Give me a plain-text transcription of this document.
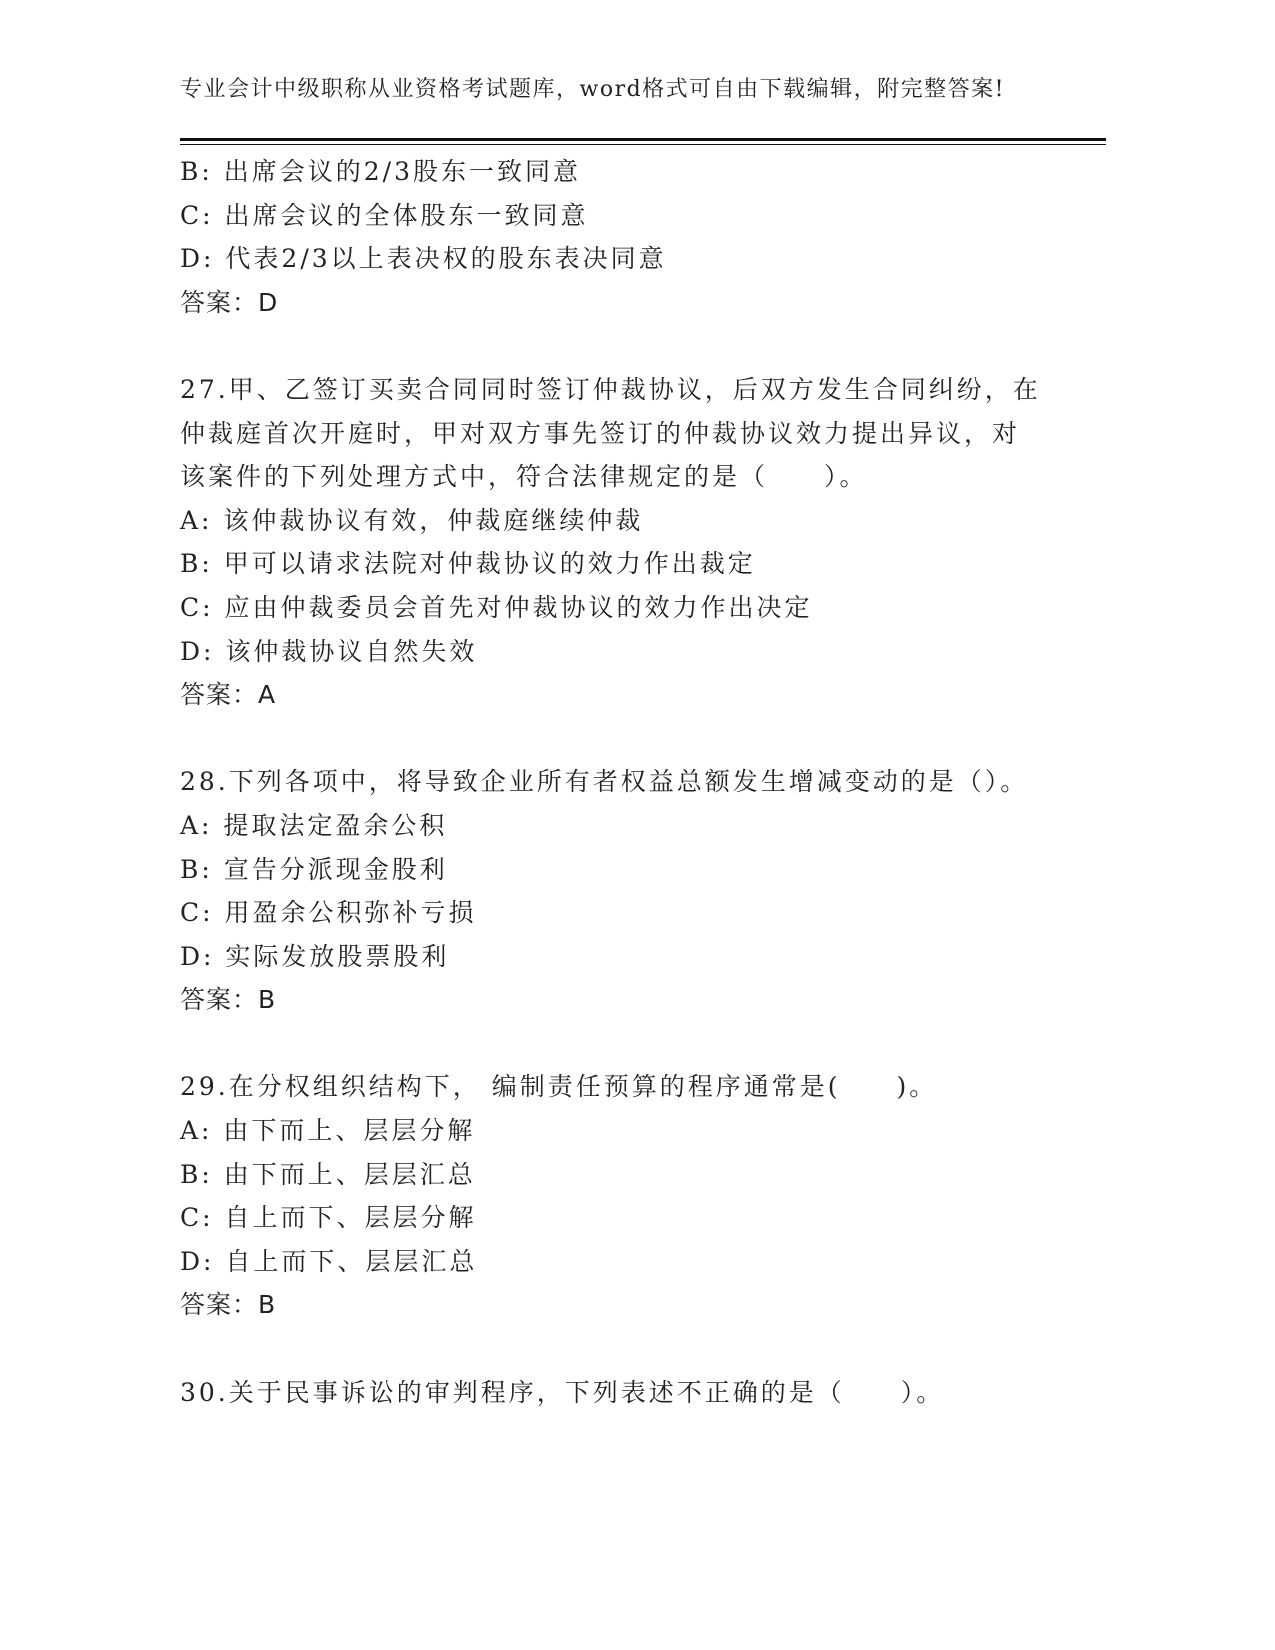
专业会计中级职称从业资格考试题库，word格式可自由下载编辑，附完整答案!
B: 出席会议的2/3股东一致同意
C: 出席会议的全体股东一致同意
D: 代表2/3以上表决权的股东表决同意
答案：D
27.甲、乙签订买卖合同同时签订仲裁协议，后双方发生合同纠纷，在
仲裁庭首次开庭时，甲对双方事先签订的仲裁协议效力提出异议，对
该案件的下列处理方式中，符合法律规定的是（　　）。
A: 该仲裁协议有效，仲裁庭继续仲裁
B: 甲可以请求法院对仲裁协议的效力作出裁定
C: 应由仲裁委员会首先对仲裁协议的效力作出决定
D: 该仲裁协议自然失效
答案：A
28.下列各项中，将导致企业所有者权益总额发生增减变动的是（）。
A: 提取法定盈余公积
B: 宣告分派现金股利
C: 用盈余公积弥补亏损
D: 实际发放股票股利
答案：B
29.在分权组织结构下， 编制责任预算的程序通常是(　　)。
A: 由下而上、层层分解
B: 由下而上、层层汇总
C: 自上而下、层层分解
D: 自上而下、层层汇总
答案：B
30.关于民事诉讼的审判程序，下列表述不正确的是（　　）。
